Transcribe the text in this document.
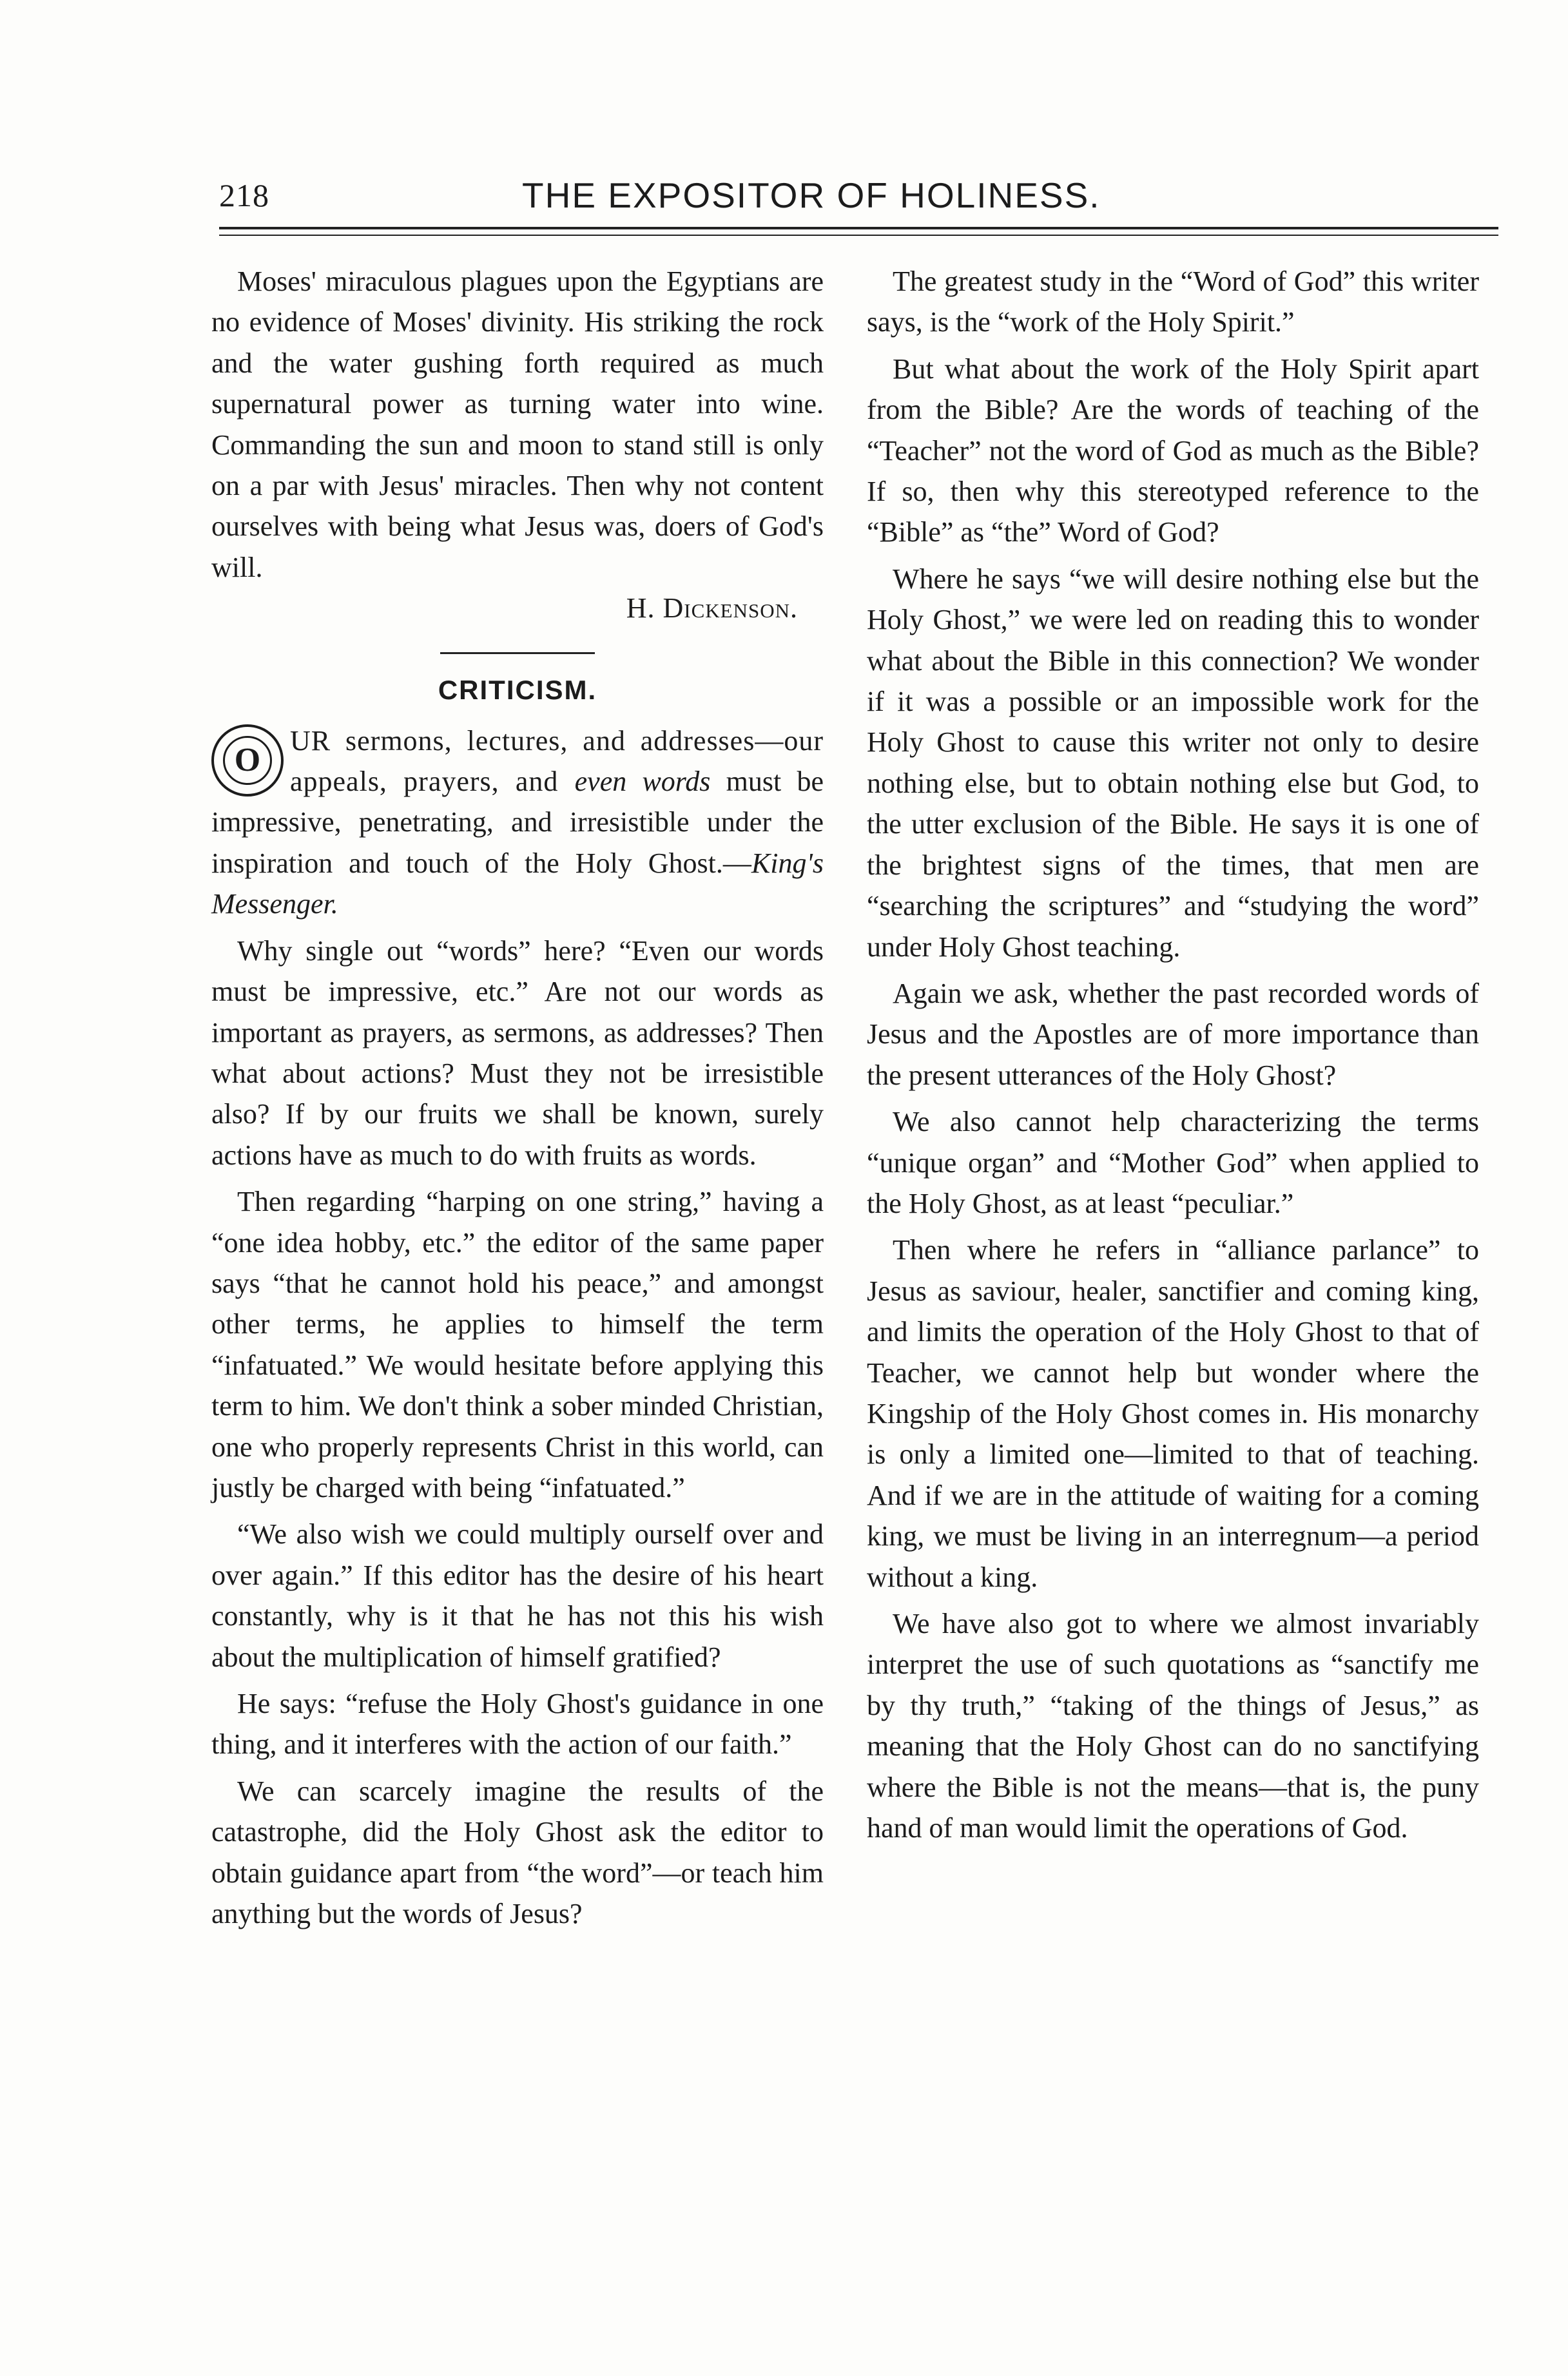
218	THE EXPOSITOR OF HOLINESS.

Moses' miraculous plagues upon the Egyptians are no evidence of Moses' divinity. His striking the rock and the water gushing forth required as much supernatural power as turning water into wine. Commanding the sun and moon to stand still is only on a par with Jesus' miracles. Then why not content ourselves with being what Jesus was, doers of God's will.

H. Dickenson.

CRITICISM.

O
UR sermons, lectures, and addresses—our appeals, prayers, and even words must be impressive, penetrating, and irresistible under the inspiration and touch of the Holy Ghost.—King's Messenger.

Why single out “words” here? “Even our words must be impressive, etc.” Are not our words as important as prayers, as sermons, as addresses? Then what about actions? Must they not be irresistible also? If by our fruits we shall be known, surely actions have as much to do with fruits as words.

Then regarding “harping on one string,” having a “one idea hobby, etc.” the editor of the same paper says “that he cannot hold his peace,” and amongst other terms, he applies to himself the term “infatuated.” We would hesitate before applying this term to him. We don't think a sober minded Christian, one who properly represents Christ in this world, can justly be charged with being “infatuated.”

“We also wish we could multiply ourself over and over again.” If this editor has the desire of his heart constantly, why is it that he has not this his wish about the multiplication of himself gratified?

He says: “refuse the Holy Ghost's guidance in one thing, and it interferes with the action of our faith.”

We can scarcely imagine the results of the catastrophe, did the Holy Ghost ask the editor to obtain guidance apart from “the word”—or teach him anything but the words of Jesus?

The greatest study in the “Word of God” this writer says, is the “work of the Holy Spirit.”

But what about the work of the Holy Spirit apart from the Bible? Are the words of teaching of the “Teacher” not the word of God as much as the Bible? If so, then why this stereotyped reference to the “Bible” as “the” Word of God?

Where he says “we will desire nothing else but the Holy Ghost,” we were led on reading this to wonder what about the Bible in this connection? We wonder if it was a possible or an impossible work for the Holy Ghost to cause this writer not only to desire nothing else, but to obtain nothing else but God, to the utter exclusion of the Bible. He says it is one of the brightest signs of the times, that men are “searching the scriptures” and “studying the word” under Holy Ghost teaching.

Again we ask, whether the past recorded words of Jesus and the Apostles are of more importance than the present utterances of the Holy Ghost?

We also cannot help characterizing the terms “unique organ” and “Mother God” when applied to the Holy Ghost, as at least “peculiar.”

Then where he refers in “alliance parlance” to Jesus as saviour, healer, sanctifier and coming king, and limits the operation of the Holy Ghost to that of Teacher, we cannot help but wonder where the Kingship of the Holy Ghost comes in. His monarchy is only a limited one—limited to that of teaching. And if we are in the attitude of waiting for a coming king, we must be living in an interregnum—a period without a king.

We have also got to where we almost invariably interpret the use of such quotations as “sanctify me by thy truth,” “taking of the things of Jesus,” as meaning that the Holy Ghost can do no sanctifying where the Bible is not the means—that is, the puny hand of man would limit the operations of God.
